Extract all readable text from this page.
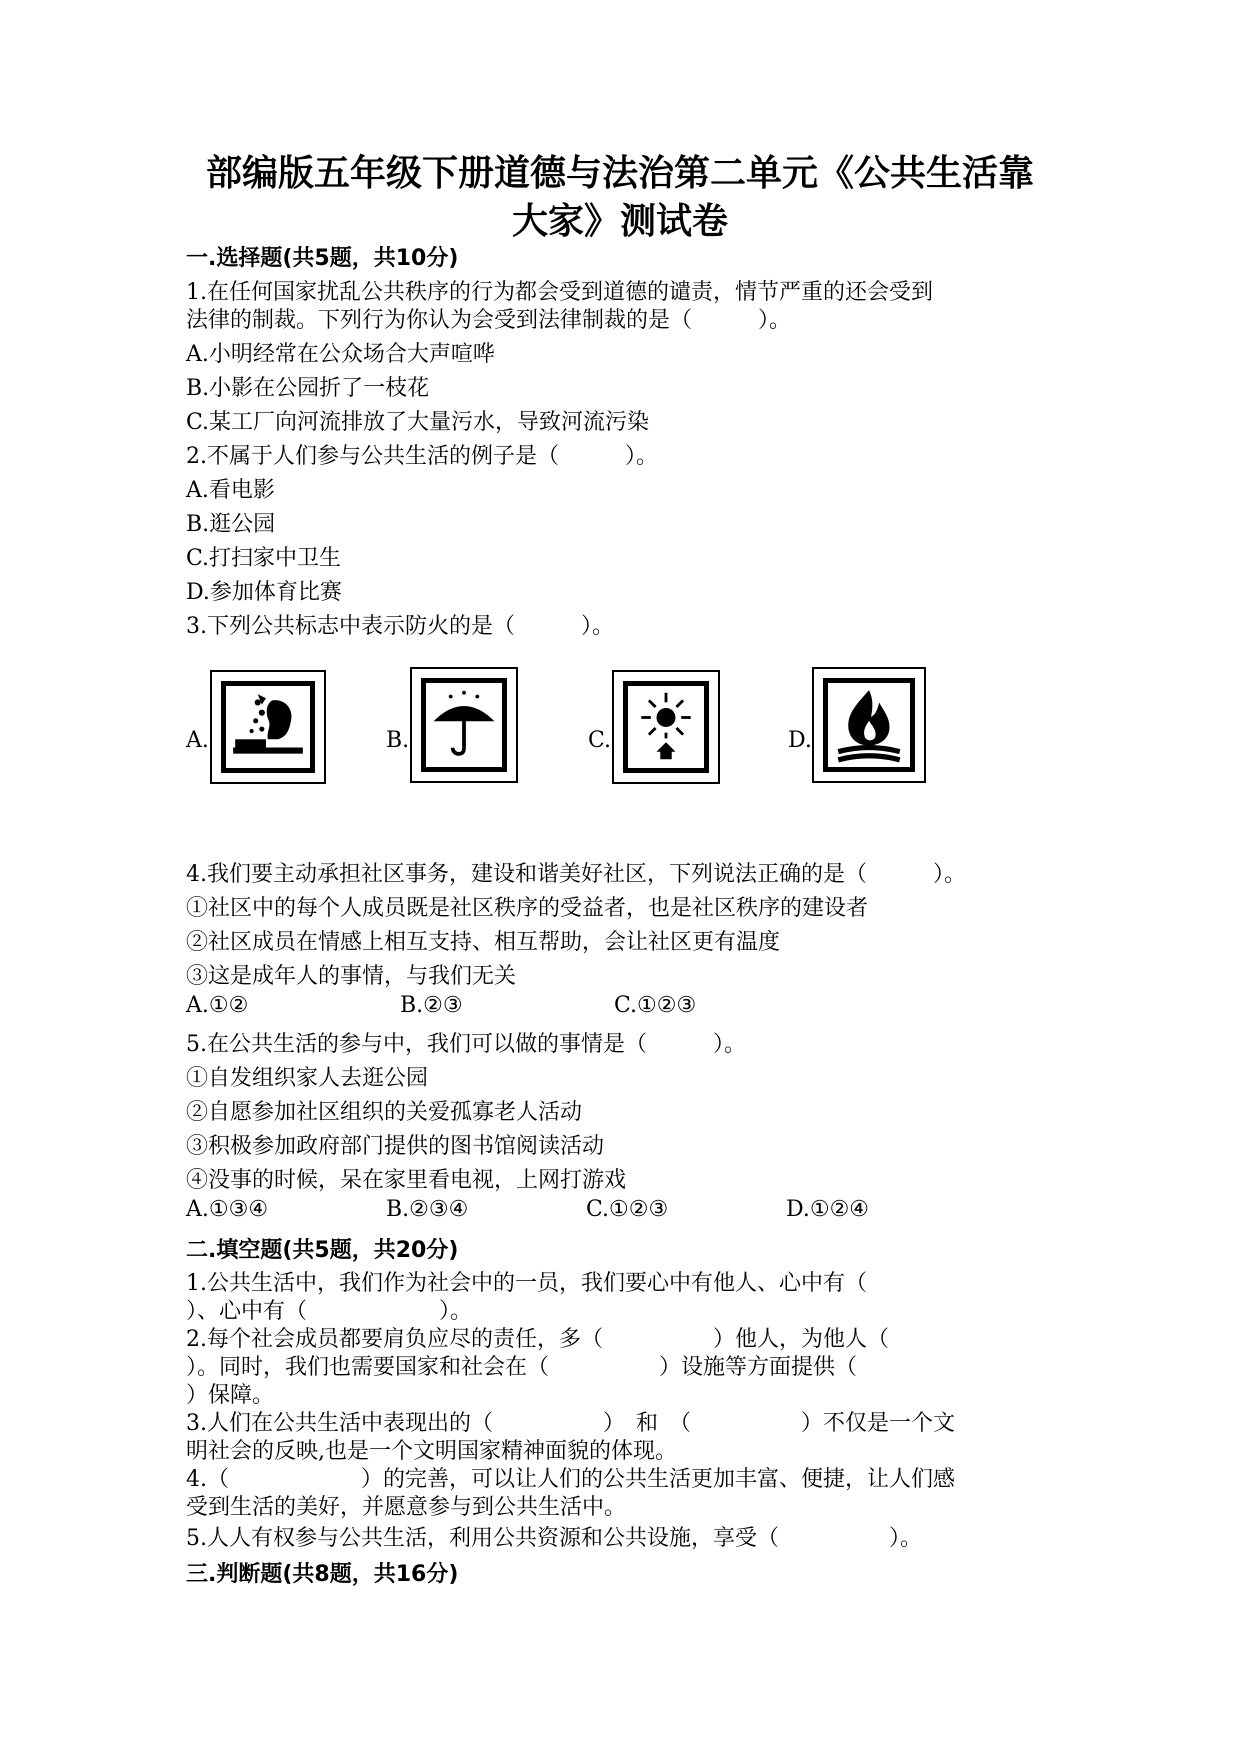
部编版五年级下册道德与法治第二单元《公共生活靠
大家》测试卷
一.选择题(共5题，共10分)
1.在任何国家扰乱公共秩序的行为都会受到道德的谴责，情节严重的还会受到
法律的制裁。下列行为你认为会受到法律制裁的是（　　　）。
A.小明经常在公众场合大声喧哗
B.小影在公园折了一枝花
C.某工厂向河流排放了大量污水，导致河流污染
2.不属于人们参与公共生活的例子是（　　　）。
A.看电影
B.逛公园
C.打扫家中卫生
D.参加体育比赛
3.下列公共标志中表示防火的是（　　　）。
A.	B.	C.	D.
4.我们要主动承担社区事务，建设和谐美好社区，下列说法正确的是（　　　）。
①社区中的每个人成员既是社区秩序的受益者，也是社区秩序的建设者
②社区成员在情感上相互支持、相互帮助，会让社区更有温度
③这是成年人的事情，与我们无关
A.①②	B.②③	C.①②③
5.在公共生活的参与中，我们可以做的事情是（　　　）。
①自发组织家人去逛公园
②自愿参加社区组织的关爱孤寡老人活动
③积极参加政府部门提供的图书馆阅读活动
④没事的时候，呆在家里看电视，上网打游戏
A.①③④	B.②③④	C.①②③	D.①②④
二.填空题(共5题，共20分)
1.公共生活中，我们作为社会中的一员，我们要心中有他人、心中有（
）、心中有（　　　　　　）。
2.每个社会成员都要肩负应尽的责任，多（　　　　　）他人，为他人（
）。同时，我们也需要国家和社会在（　　　　　）设施等方面提供（
）保障。
3.人们在公共生活中表现出的（　　　　　）　和　（　　　　　）不仅是一个文
明社会的反映,也是一个文明国家精神面貌的体现。
4.（　　　　　　）的完善，可以让人们的公共生活更加丰富、便捷，让人们感
受到生活的美好，并愿意参与到公共生活中。
5.人人有权参与公共生活，利用公共资源和公共设施，享受（　　　　　）。
三.判断题(共8题，共16分)
